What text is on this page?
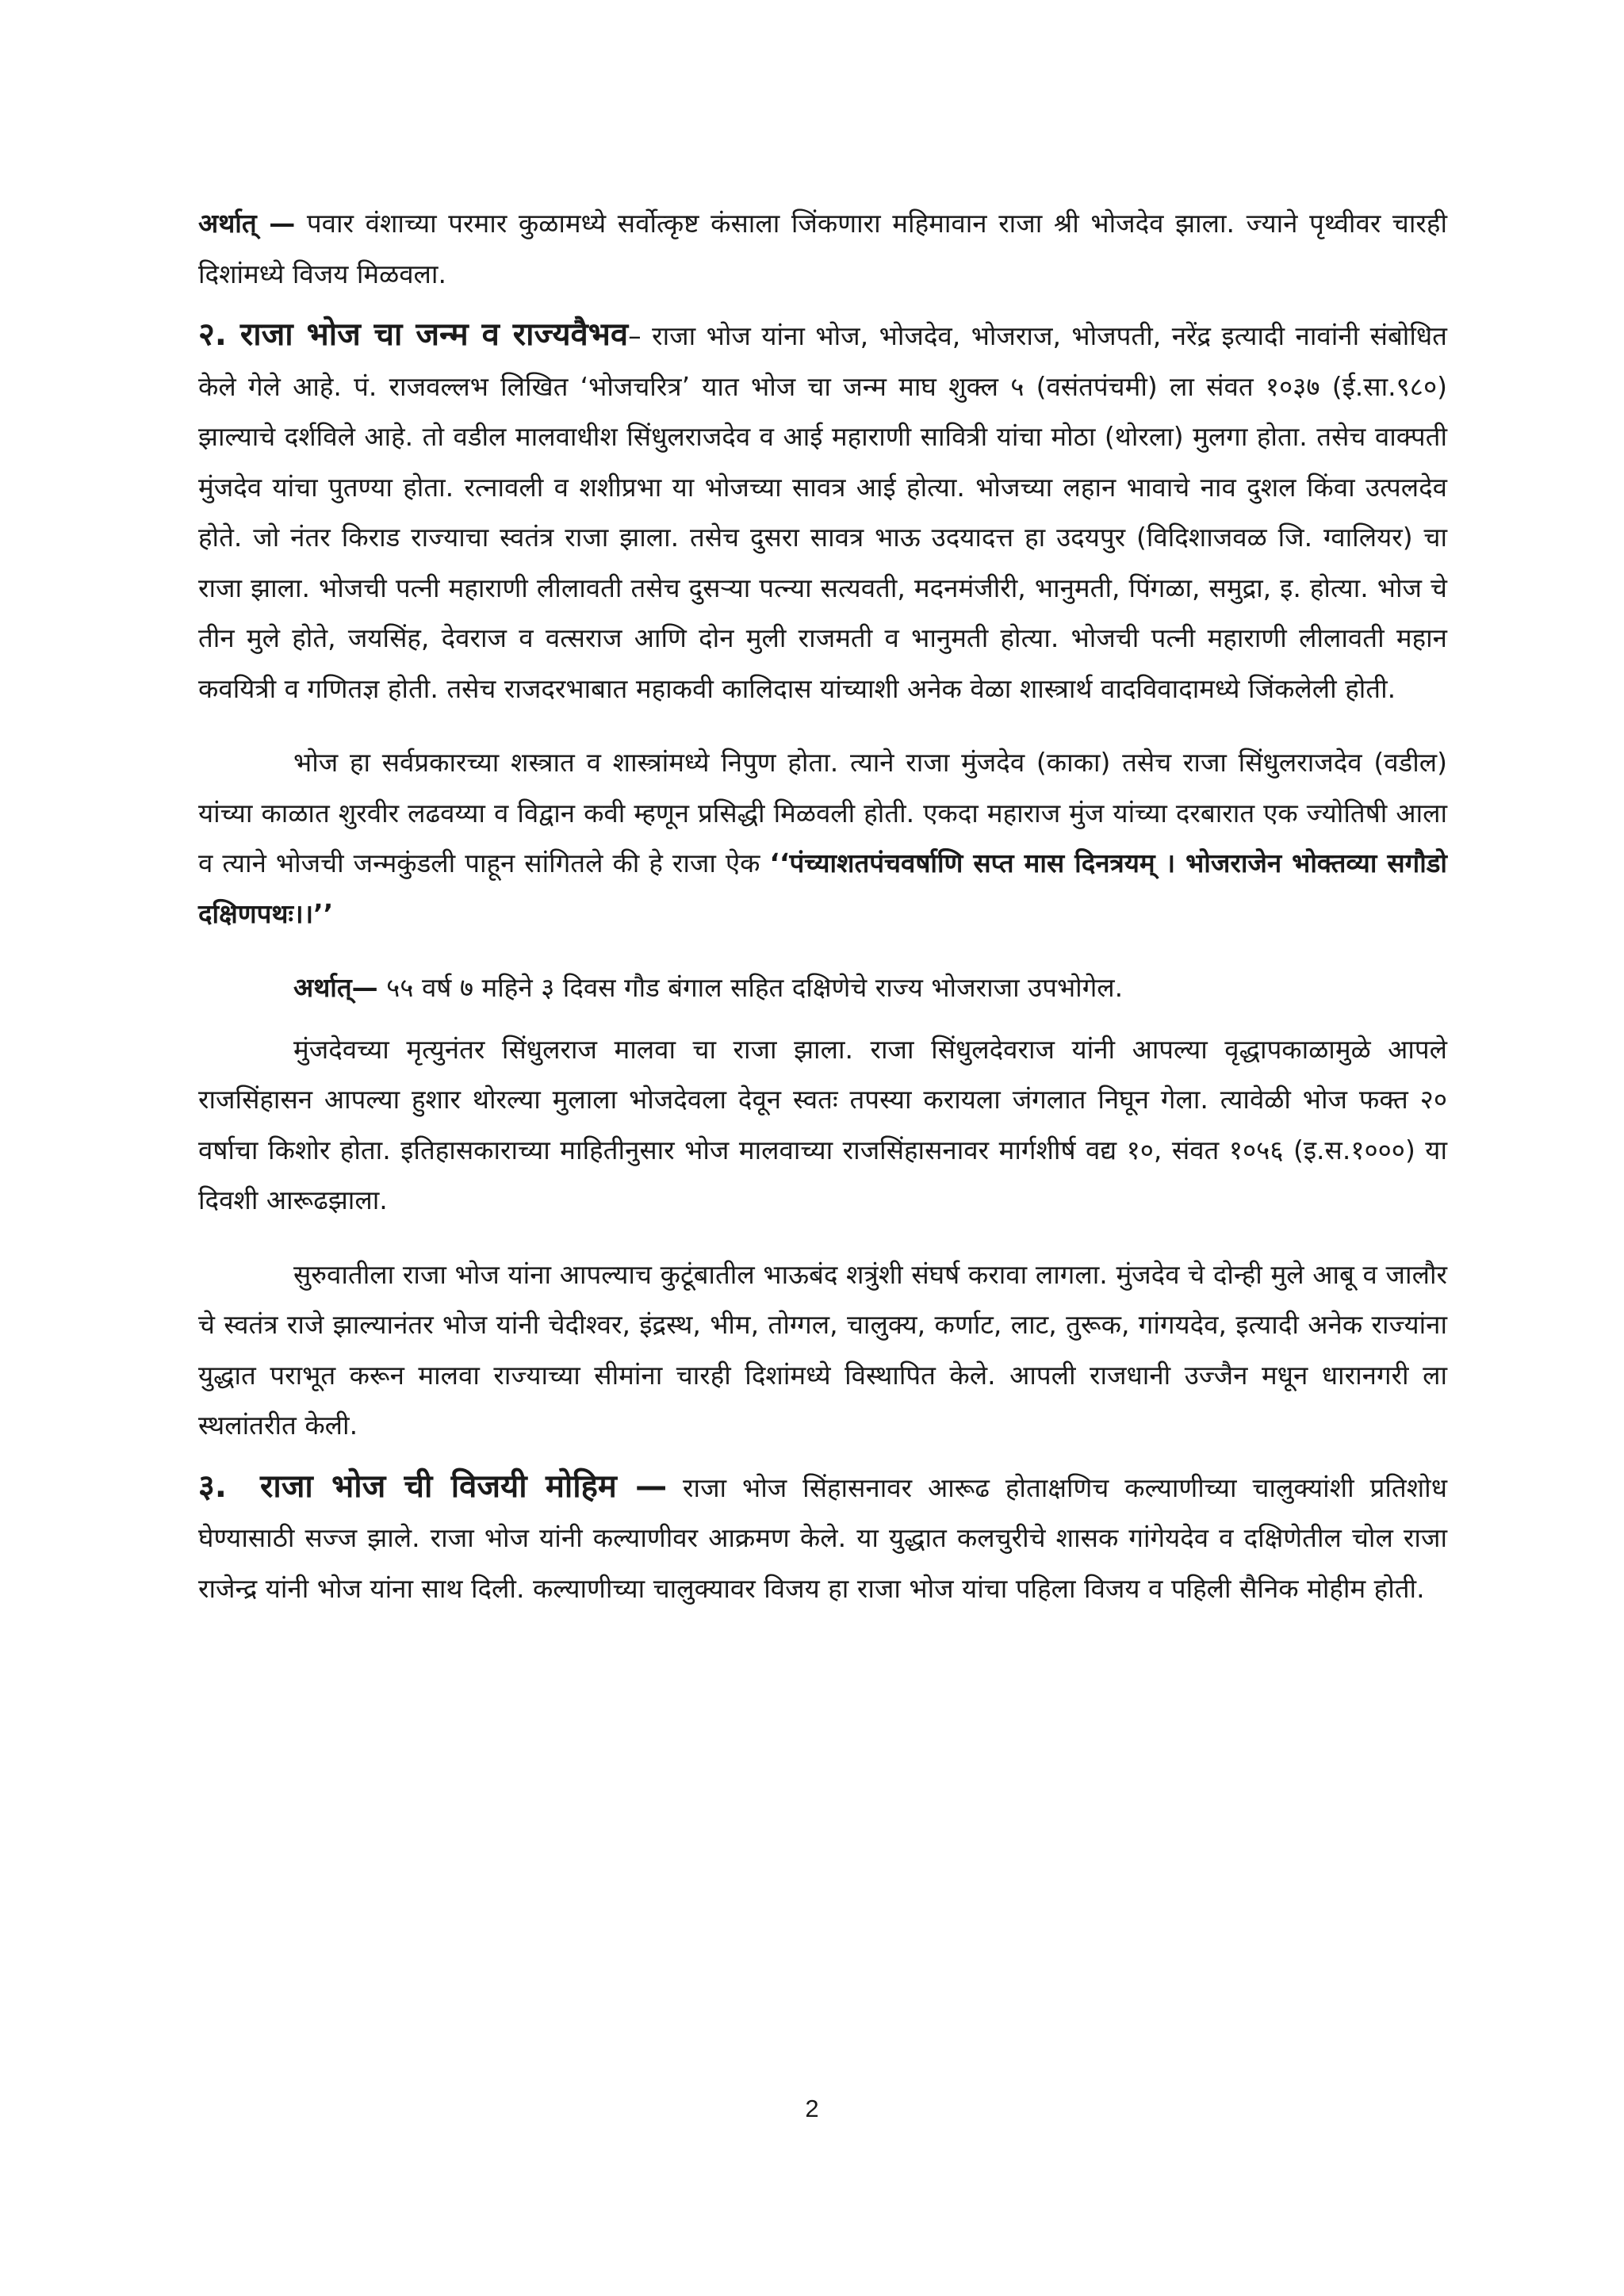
अर्थात् — पवार वंशाच्या परमार कुळामध्ये सर्वोत्कृष्ट कंसाला जिंकणारा महिमावान राजा श्री भोजदेव झाला. ज्याने पृथ्वीवर चारही दिशांमध्ये विजय मिळवला.

२. राजा भोज चा जन्म व राज्यवैभव– राजा भोज यांना भोज, भोजदेव, भोजराज, भोजपती, नरेंद्र इत्यादी नावांनी संबोधित केले गेले आहे. पं. राजवल्लभ लिखित ‘भोजचरित्र’ यात भोज चा जन्म माघ शुक्ल ५ (वसंतपंचमी) ला संवत १०३७ (ई.सा.९८०) झाल्याचे दर्शविले आहे. तो वडील मालवाधीश सिंधुलराजदेव व आई महाराणी सावित्री यांचा मोठा (थोरला) मुलगा होता. तसेच वाक्पती मुंजदेव यांचा पुतण्या होता. रत्नावली व शशीप्रभा या भोजच्या सावत्र आई होत्या. भोजच्या लहान भावाचे नाव दुशल किंवा उत्पलदेव होते. जो नंतर किराड राज्याचा स्वतंत्र राजा झाला. तसेच दुसरा सावत्र भाऊ उदयादत्त हा उदयपुर (विदिशाजवळ जि. ग्वालियर) चा राजा झाला. भोजची पत्नी महाराणी लीलावती तसेच दुसऱ्या पत्न्या सत्यवती, मदनमंजीरी, भानुमती, पिंगळा, समुद्रा, इ. होत्या. भोज चे तीन मुले होते, जयसिंह, देवराज व वत्सराज आणि दोन मुली राजमती व भानुमती होत्या. भोजची पत्नी महाराणी लीलावती महान कवयित्री व गणितज्ञ होती. तसेच राजदरभाबात महाकवी कालिदास यांच्याशी अनेक वेळा शास्त्रार्थ वादविवादामध्ये जिंकलेली होती.

भोज हा सर्वप्रकारच्या शस्त्रात व शास्त्रांमध्ये निपुण होता. त्याने राजा मुंजदेव (काका) तसेच राजा सिंधुलराजदेव (वडील) यांच्या काळात शुरवीर लढवय्या व विद्वान कवी म्हणून प्रसिद्धी मिळवली होती. एकदा महाराज मुंज यांच्या दरबारात एक ज्योतिषी आला व त्याने भोजची जन्मकुंडली पाहून सांगितले की हे राजा ऐक ‘‘पंच्याशतपंचवर्षाणि सप्त मास दिनत्रयम् । भोजराजेन भोक्तव्या सगौडो दक्षिणपथः।।’’

अर्थात्— ५५ वर्ष ७ महिने ३ दिवस गौड बंगाल सहित दक्षिणेचे राज्य भोजराजा उपभोगेल.

मुंजदेवच्या मृत्युनंतर सिंधुलराज मालवा चा राजा झाला. राजा सिंधुलदेवराज यांनी आपल्या वृद्धापकाळामुळे आपले राजसिंहासन आपल्या हुशार थोरल्या मुलाला भोजदेवला देवून स्वतः तपस्या करायला जंगलात निघून गेला. त्यावेळी भोज फक्त २० वर्षाचा किशोर होता. इतिहासकाराच्या माहितीनुसार भोज मालवाच्या राजसिंहासनावर मार्गशीर्ष वद्य १०, संवत १०५६ (इ.स.१०००) या दिवशी आरूढझाला.

सुरुवातीला राजा भोज यांना आपल्याच कुटूंबातील भाऊबंद शत्रुंशी संघर्ष करावा लागला. मुंजदेव चे दोन्ही मुले आबू व जालौर चे स्वतंत्र राजे झाल्यानंतर भोज यांनी चेदीश्वर, इंद्रस्थ, भीम, तोग्गल, चालुक्य, कर्णाट, लाट, तुरूक, गांगयदेव, इत्यादी अनेक राज्यांना युद्धात पराभूत करून मालवा राज्याच्या सीमांना चारही दिशांमध्ये विस्थापित केले. आपली राजधानी उज्जैन मधून धारानगरी ला स्थलांतरीत केली.

३. राजा भोज ची विजयी मोहिम — राजा भोज सिंहासनावर आरूढ होताक्षणिच कल्याणीच्या चालुक्यांशी प्रतिशोध घेण्यासाठी सज्ज झाले. राजा भोज यांनी कल्याणीवर आक्रमण केले. या युद्धात कलचुरीचे शासक गांगेयदेव व दक्षिणेतील चोल राजा राजेन्द्र यांनी भोज यांना साथ दिली. कल्याणीच्या चालुक्यावर विजय हा राजा भोज यांचा पहिला विजय व पहिली सैनिक मोहीम होती.

2
